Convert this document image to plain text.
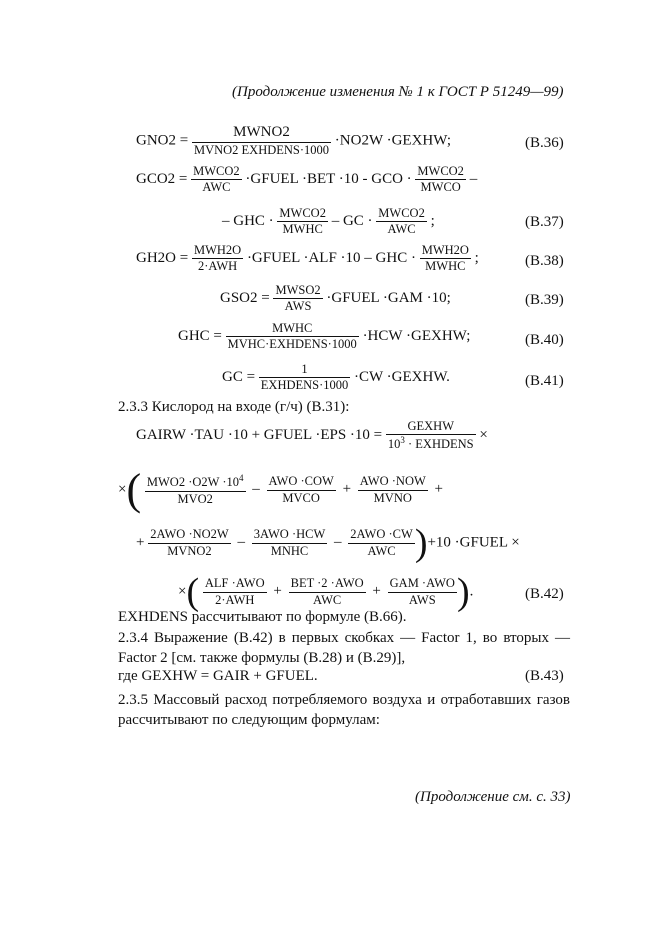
(Продолжение изменения № 1 к ГОСТ Р 51249—99)
$GNO2 = \frac{\text{MWNO2}}{\text{MVNO2 EXHDENS·1000}} \cdot NO2W$ ·GEXHW;	(В.36)
$GCO2 = \frac{\text{MWCO2}}{\text{AWC}}$ ·GFUEL ·BET ·10 - GCO · $\frac{\text{MWCO2}}{\text{MWCO}}$ –
– GHC · $\frac{\text{MWCO2}}{\text{MWHC}}$ – GC · $\frac{\text{MWCO2}}{\text{AWC}}$ ;	(В.37)
$GH2O = \frac{\text{MWH2O}}{\text{2·AWH}}$ ·GFUEL ·ALF ·10 – GHC · $\frac{\text{MWH2O}}{\text{MWHC}}$ ;	(В.38)
$GSO2 = \frac{\text{MWSO2}}{\text{AWS}}$ ·GFUEL ·GAM ·10;	(В.39)
GHC = $\frac{\text{MWHC}}{\text{MVHC·EXHDENS·1000}} \cdot HCW$ ·GEXHW;	(В.40)
GC = $\frac{1}{\text{EXHDENS·1000}} \cdot CW$ ·GEXHW.	(В.41)
2.3.3 Кислород на входе (г/ч) (В.31):
GAIRW ·TAU ·10 + GFUEL $\cdot EPS \cdot 10 = \frac{\text{GEXHW}}{10^3 \cdot EXHDENS}$ ×
×( $\frac{MWO2 \cdot O2W \cdot 10^4}{\text{MVO2}} - \frac{\text{AWO ·COW}}{\text{MVCO}} + \frac{\text{AWO ·NOW}}{\text{MVNO}}$ +
+ $\frac{\text{2AWO ·NO2W}}{\text{MVNO2}} - \frac{\text{3AWO ·HCW}}{\text{MNHC}} - \frac{\text{2AWO ·CW}}{\text{AWC}} )+10$ ·GFUEL ×
×( $\frac{\text{ALF ·AWO}}{\text{2·AWH}} + \frac{\text{BET ·2 ·AWO}}{\text{AWC}} + \frac{\text{GAM ·AWO}}{\text{AWS}}$ ).	(В.42)
EXHDENS рассчитывают по формуле (В.66).
2.3.4 Выражение (В.42) в первых скобках — Factor 1, во вторых — Factor 2 [см. также формулы (В.28) и (В.29)],
где GEXHW = GAIR + GFUEL.	(В.43)
2.3.5 Массовый расход потребляемого воздуха и отработавших газов рассчитывают по следующим формулам:
(Продолжение см. с. 33)
